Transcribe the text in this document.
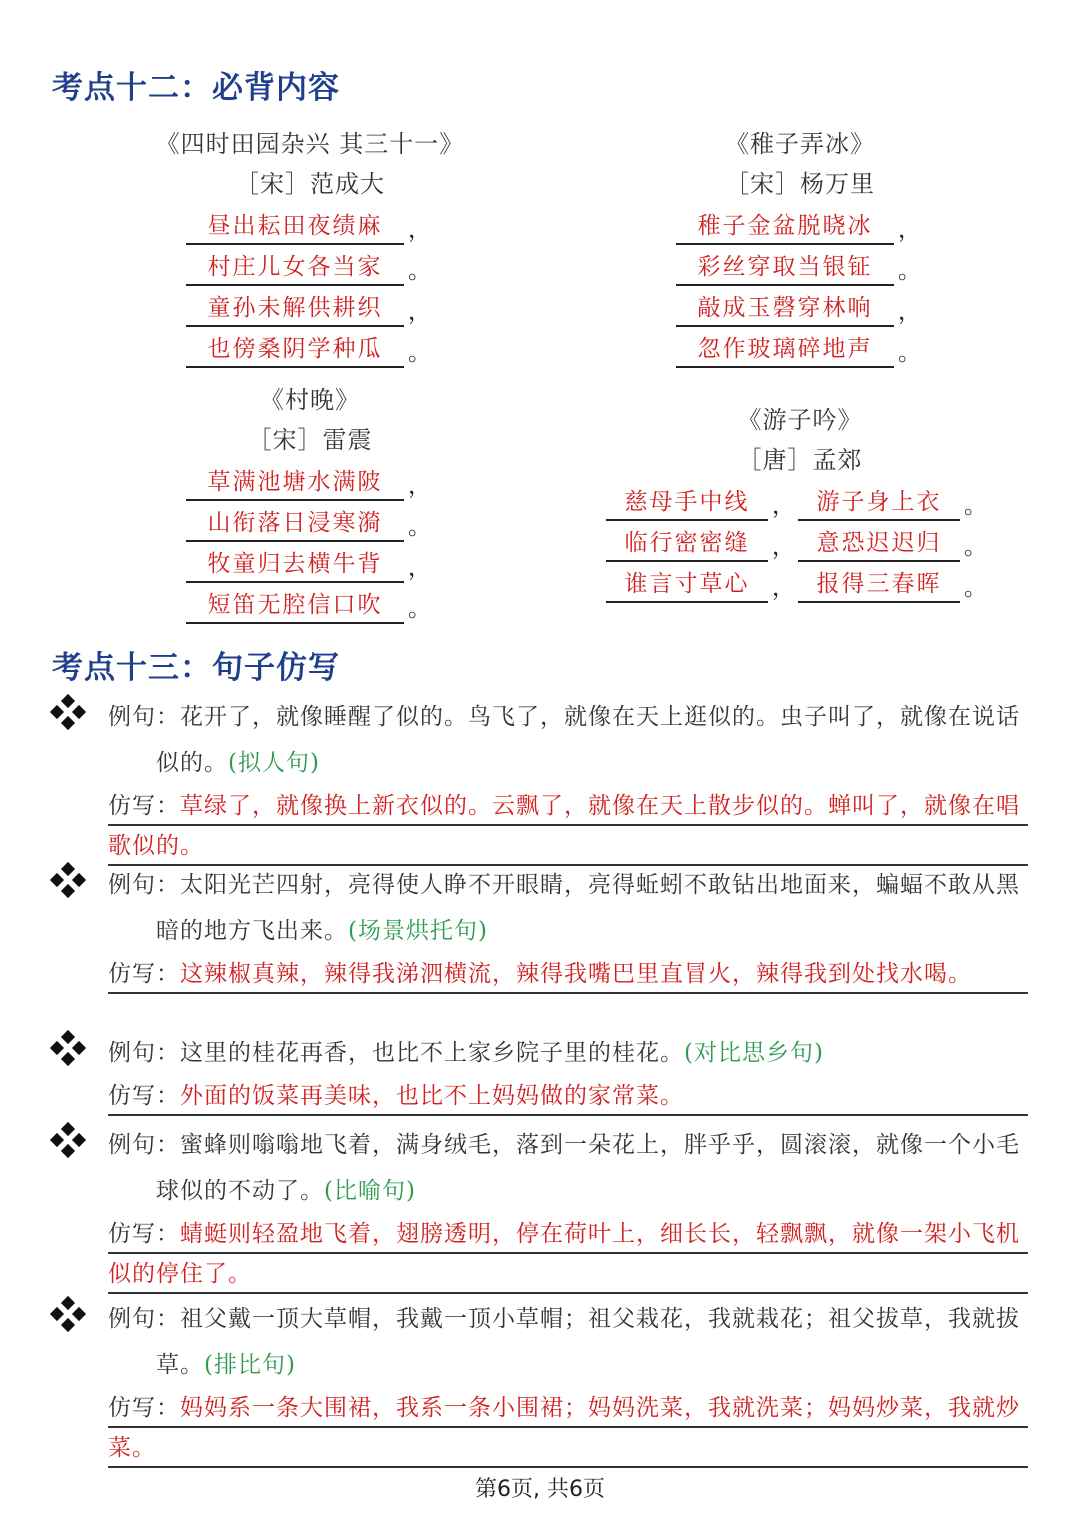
考点十二：必背内容
《四时田园杂兴 其三十一》
［宋］范成大
昼出耘田夜绩麻	，
村庄儿女各当家	。
童孙未解供耕织	，
也傍桑阴学种瓜	。
《稚子弄冰》
［宋］杨万里
稚子金盆脱晓冰	，
彩丝穿取当银钲	。
敲成玉磬穿林响	，
忽作玻璃碎地声	。
《村晚》
［宋］雷震
草满池塘水满陂	，
山衔落日浸寒漪	。
牧童归去横牛背	，
短笛无腔信口吹	。
《游子吟》
［唐］孟郊
慈母手中线 ， 游子身上衣 。
临行密密缝 ， 意恐迟迟归 。
谁言寸草心 ， 报得三春晖 。
考点十三：句子仿写

例句：花开了，就像睡醒了似的。鸟飞了，就像在天上逛似的。虫子叫了，就像在说话似的。(拟人句)

仿写：草绿了，就像换上新衣似的。云飘了，就像在天上散步似的。蝉叫了，就像在唱歌似的。

例句：太阳光芒四射，亮得使人睁不开眼睛，亮得蚯蚓不敢钻出地面来，蝙蝠不敢从黑暗的地方飞出来。(场景烘托句)

仿写：这辣椒真辣，辣得我涕泗横流，辣得我嘴巴里直冒火，辣得我到处找水喝。

例句：这里的桂花再香，也比不上家乡院子里的桂花。(对比思乡句)

仿写：外面的饭菜再美味，也比不上妈妈做的家常菜。

例句：蜜蜂则嗡嗡地飞着，满身绒毛，落到一朵花上，胖乎乎，圆滚滚，就像一个小毛球似的不动了。(比喻句)

仿写：蜻蜓则轻盈地飞着，翅膀透明，停在荷叶上，细长长，轻飘飘，就像一架小飞机似的停住了。

例句：祖父戴一顶大草帽，我戴一顶小草帽；祖父栽花，我就栽花；祖父拔草，我就拔草。(排比句)

仿写：妈妈系一条大围裙，我系一条小围裙；妈妈洗菜，我就洗菜；妈妈炒菜，我就炒菜。
第6页, 共6页
